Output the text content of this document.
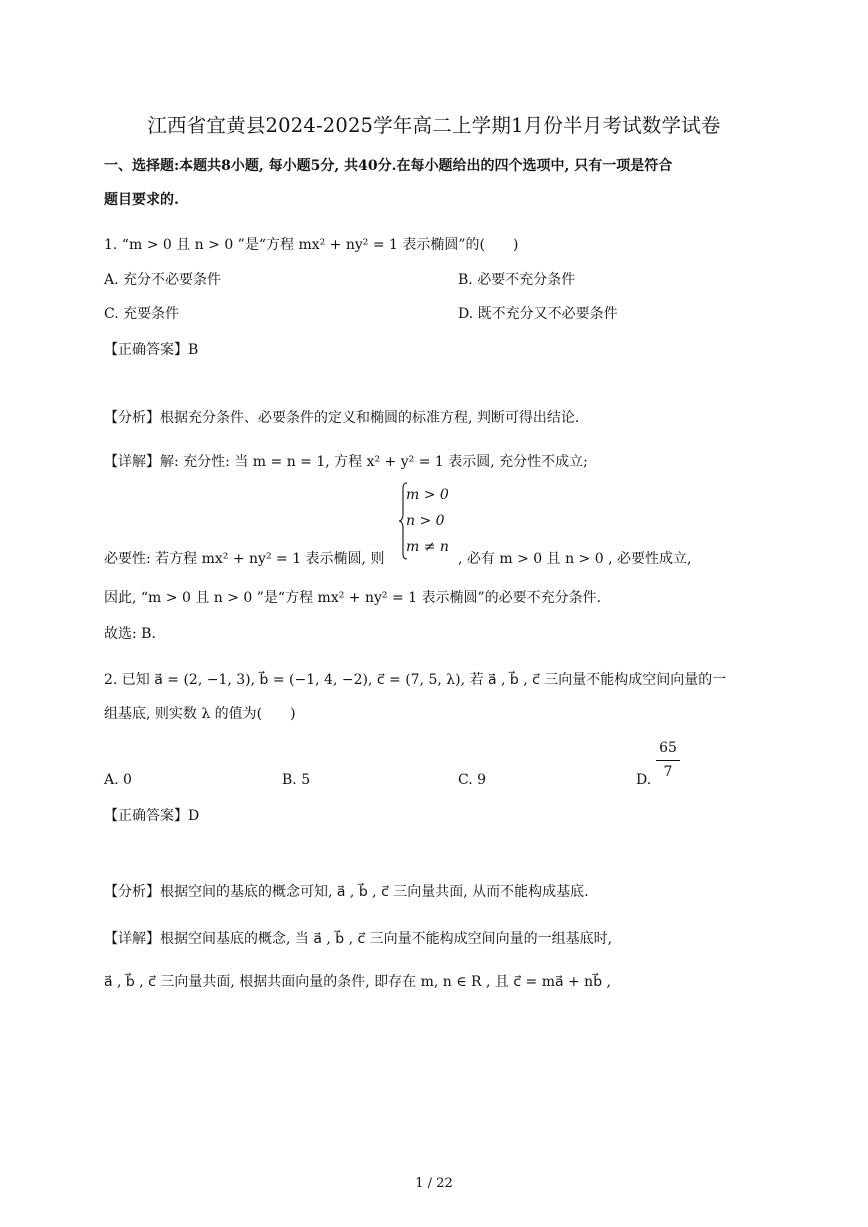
江西省宜黄县2024-2025学年高二上学期1月份半月考试数学试卷
一、选择题:本题共8小题, 每小题5分, 共40分.在每小题给出的四个选项中, 只有一项是符合
题目要求的.
1. “m > 0 且 n > 0 ”是“方程 mx² + ny² = 1 表示椭圆”的(　　)
A. 充分不必要条件	B. 必要不充分条件
C. 充要条件	D. 既不充分又不必要条件
【正确答案】B
【分析】根据充分条件、必要条件的定义和椭圆的标准方程, 判断可得出结论.
【详解】解: 充分性: 当 m = n = 1, 方程 x² + y² = 1 表示圆, 充分性不成立;
必要性: 若方程 mx² + ny² = 1 表示椭圆, 则
m > 0
n > 0
m ≠ n
, 必有 m > 0 且 n > 0 , 必要性成立,
因此, “m > 0 且 n > 0 ”是“方程 mx² + ny² = 1 表示椭圆”的必要不充分条件.
故选: B.
2. 已知 a⃗ = (2, −1, 3), b⃗ = (−1, 4, −2), c⃗ = (7, 5, λ), 若 a⃗ , b⃗ , c⃗ 三向量不能构成空间向量的一
组基底, 则实数 λ 的值为(　　)
A. 0	B. 5	C. 9	D.
65
7
【正确答案】D
【分析】根据空间的基底的概念可知, a⃗ , b⃗ , c⃗ 三向量共面, 从而不能构成基底.
【详解】根据空间基底的概念, 当 a⃗ , b⃗ , c⃗ 三向量不能构成空间向量的一组基底时,
a⃗ , b⃗ , c⃗ 三向量共面, 根据共面向量的条件, 即存在 m, n ∈ R , 且 c⃗ = ma⃗ + nb⃗ ,
1 / 22
